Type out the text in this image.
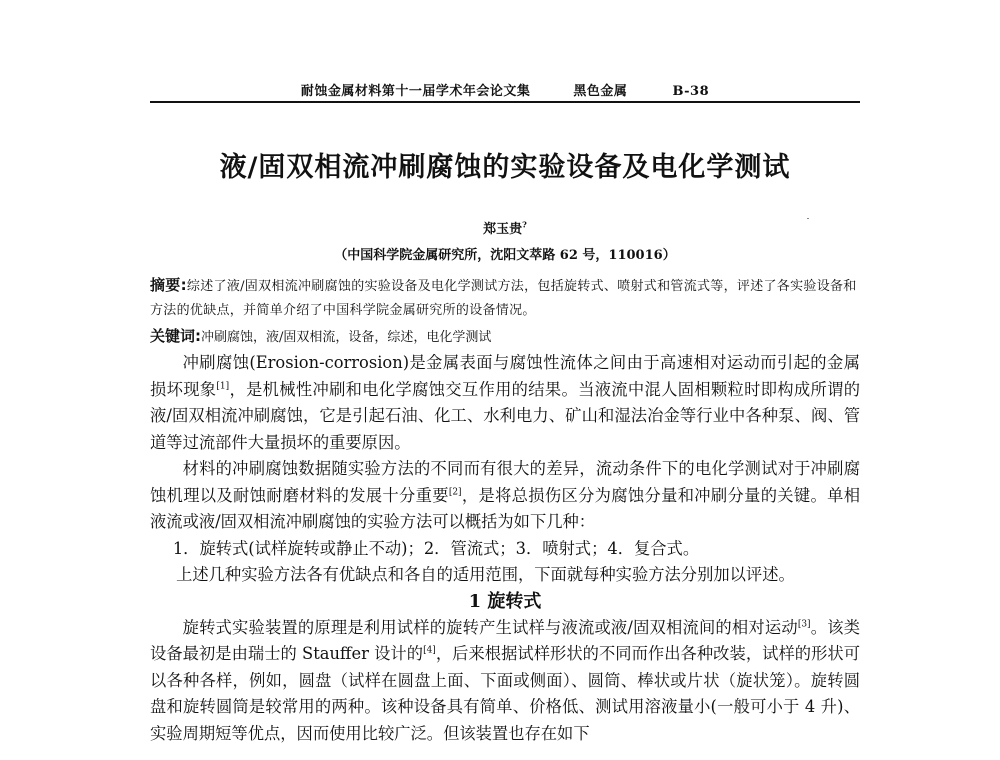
耐蚀金属材料第十一届学术年会论文集	黑色金属	B-38
液/固双相流冲刷腐蚀的实验设备及电化学测试
郑玉贵?
（中国科学院金属研究所，沈阳文萃路 62 号，110016）
摘要:综述了液/固双相流冲刷腐蚀的实验设备及电化学测试方法，包括旋转式、喷射式和管流式等，评述了各实验设备和方法的优缺点，并简单介绍了中国科学院金属研究所的设备情况。
关键词:冲刷腐蚀，液/固双相流，设备，综述，电化学测试

冲刷腐蚀(Erosion-corrosion)是金属表面与腐蚀性流体之间由于高速相对运动而引起的金属损坏现象[1]，是机械性冲刷和电化学腐蚀交互作用的结果。当液流中混人固相颗粒时即构成所谓的液/固双相流冲刷腐蚀，它是引起石油、化工、水利电力、矿山和湿法冶金等行业中各种泵、阀、管道等过流部件大量损坏的重要原因。

材料的冲刷腐蚀数据随实验方法的不同而有很大的差异，流动条件下的电化学测试对于冲刷腐蚀机理以及耐蚀耐磨材料的发展十分重要[2]，是将总损伤区分为腐蚀分量和冲刷分量的关键。单相液流或液/固双相流冲刷腐蚀的实验方法可以概括为如下几种：

1．旋转式(试样旋转或静止不动)；2．管流式；3．喷射式；4．复合式。

上述几种实验方法各有优缺点和各自的适用范围，下面就每种实验方法分别加以评述。

1 旋转式

旋转式实验装置的原理是利用试样的旋转产生试样与液流或液/固双相流间的相对运动[3]。该类设备最初是由瑞士的 Stauffer 设计的[4]，后来根据试样形状的不同而作出各种改装，试样的形状可以各种各样，例如，圆盘（试样在圆盘上面、下面或侧面）、圆筒、棒状或片状（旋状笼）。旋转圆盘和旋转圆筒是较常用的两种。该种设备具有简单、价格低、测试用溶液量小(一般可小于 4 升)、实验周期短等优点，因而使用比较广泛。但该装置也存在如下
